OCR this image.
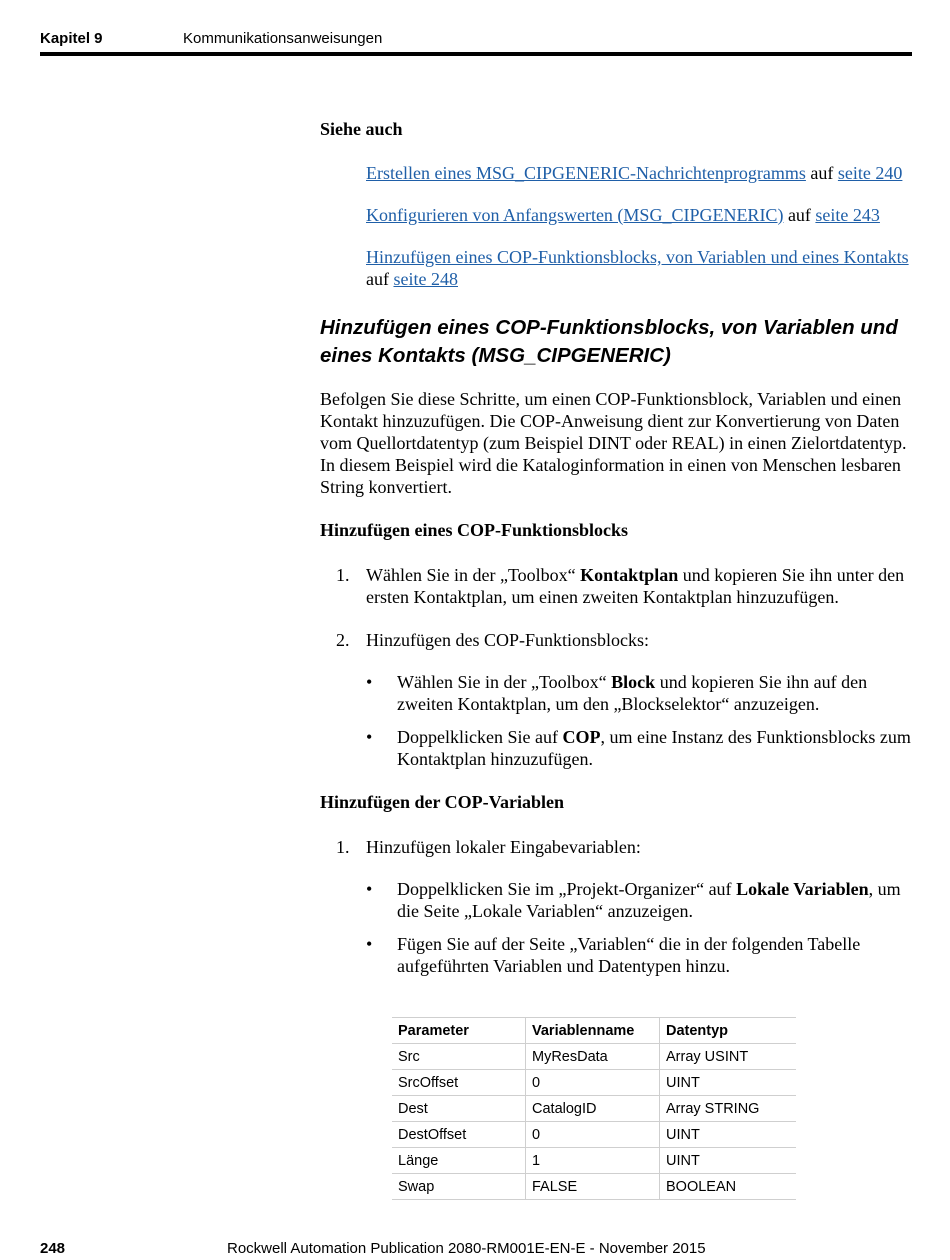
Kapitel 9	Kommunikationsanweisungen
Siehe auch
Erstellen eines MSG_CIPGENERIC-Nachrichtenprogramms auf seite 240
Konfigurieren von Anfangswerten (MSG_CIPGENERIC) auf seite 243
Hinzufügen eines COP-Funktionsblocks, von Variablen und eines Kontakts auf seite 248
Hinzufügen eines COP-Funktionsblocks, von Variablen und
eines Kontakts (MSG_CIPGENERIC)
Befolgen Sie diese Schritte, um einen COP-Funktionsblock, Variablen und einen Kontakt hinzuzufügen. Die COP-Anweisung dient zur Konvertierung von Daten vom Quellortdatentyp (zum Beispiel DINT oder REAL) in einen Zielortdatentyp. In diesem Beispiel wird die Kataloginformation in einen von Menschen lesbaren String konvertiert.
Hinzufügen eines COP-Funktionsblocks
1. Wählen Sie in der „Toolbox“ Kontaktplan und kopieren Sie ihn unter den ersten Kontaktplan, um einen zweiten Kontaktplan hinzuzufügen.
2. Hinzufügen des COP-Funktionsblocks:
• Wählen Sie in der „Toolbox“ Block und kopieren Sie ihn auf den zweiten Kontaktplan, um den „Blockselektor“ anzuzeigen.
• Doppelklicken Sie auf COP, um eine Instanz des Funktionsblocks zum Kontaktplan hinzuzufügen.
Hinzufügen der COP-Variablen
1. Hinzufügen lokaler Eingabevariablen:
• Doppelklicken Sie im „Projekt-Organizer“ auf Lokale Variablen, um die Seite „Lokale Variablen“ anzuzeigen.
• Fügen Sie auf der Seite „Variablen“ die in der folgenden Tabelle aufgeführten Variablen und Datentypen hinzu.
Parameter	Variablenname	Datentyp
Src	MyResData	Array USINT
SrcOffset	0	UINT
Dest	CatalogID	Array STRING
DestOffset	0	UINT
Länge	1	UINT
Swap	FALSE	BOOLEAN
248	Rockwell Automation Publication 2080-RM001E-EN-E - November 2015
